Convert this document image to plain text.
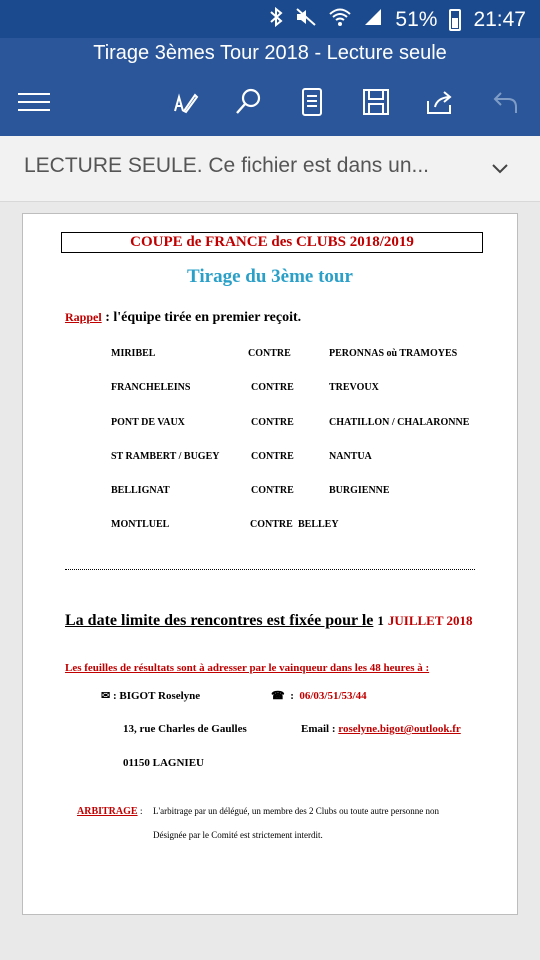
51% 21:47
Tirage 3èmes Tour 2018 - Lecture seule
LECTURE SEULE. Ce fichier est dans un...
COUPE de FRANCE des CLUBS 2018/2019
Tirage du 3ème tour
Rappel : l'équipe tirée en premier reçoit.
MIRIBEL	CONTRE	PERONNAS où TRAMOYES
FRANCHELEINS	CONTRE	TREVOUX
PONT DE VAUX	CONTRE	CHATILLON / CHALARONNE
ST RAMBERT / BUGEY	CONTRE	NANTUA
BELLIGNAT	CONTRE	BURGIENNE
MONTLUEL	CONTRE BELLEY
La date limite des rencontres est fixée pour le 1 JUILLET 2018
Les feuilles de résultats sont à adresser par le vainqueur dans les 48 heures à :
✉ : BIGOT Roselyne	☎  :  06/03/51/53/44
13, rue Charles de Gaulles	Email : roselyne.bigot@outlook.fr
01150 LAGNIEU
ARBITRAGE : L'arbitrage par un délégué, un membre des 2 Clubs ou toute autre personne non
Désignée par le Comité est strictement interdit.
